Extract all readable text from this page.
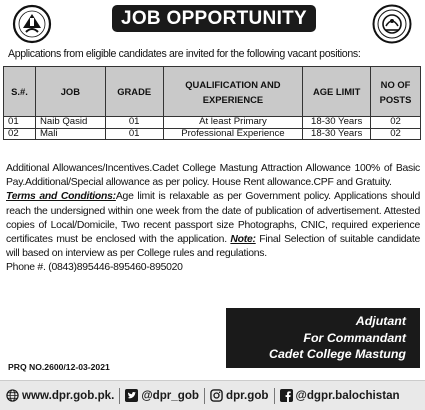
JOB OPPORTUNITY
Applications from eligible candidates are invited for the following vacant positions:
S.#.	JOB	GRADE	QUALIFICATION AND EXPERIENCE	AGE LIMIT	NO OF POSTS
01	Naib Qasid	01	At least Primary	18-30 Years	02
02	Mali	01	Professional Experience	18-30 Years	02
Additional Allowances/Incentives.Cadet College Mastung Attraction Allowance 100% of Basic Pay.Additional/Special allowance as per policy. House Rent allowance.CPF and Gratuity.
Terms and Conditions:Age limit is relaxable as per Government policy. Applications should reach the undersigned within one week from the date of publication of advertisement. Attested copies of Local/Domicile, Two recent passport size Photographs, CNIC, required experience certificates must be enclosed with the application. Note: Final Selection of suitable candidate will based on interview as per College rules and regulations.
Phone #. (0843)895446-895460-895020
Adjutant
For Commandant
Cadet College Mastung
PRQ NO.2600/12-03-2021
www.dpr.gob.pk. @dpr_gob dpr.gob @dgpr.balochistan
